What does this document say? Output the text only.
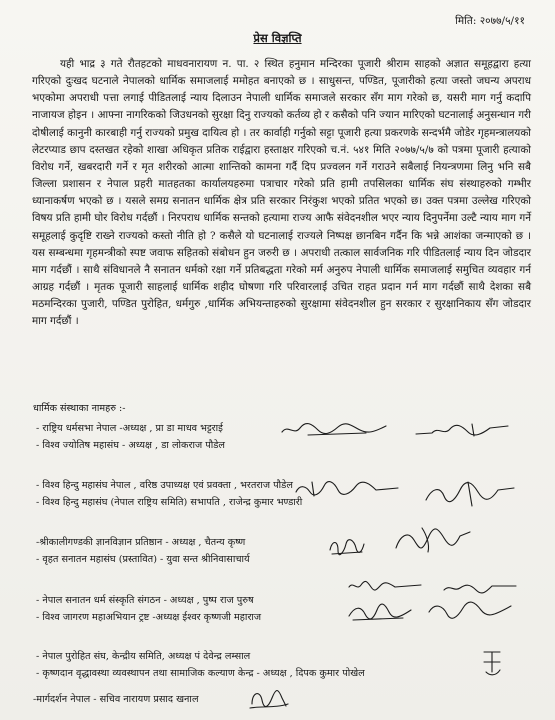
मिति: २०७७/५/११
प्रेस विज्ञप्ति

यही भाद्र ३ गते रौतहटको माधवनारायण न. पा. २ स्थित हनुमान मन्दिरका पूजारी श्रीराम साहको अज्ञात समूहद्वारा हत्या गरिएको दुःखद घटनाले नेपालको धार्मिक समाजलाई ममोहत बनाएको छ । साधुसन्त, पण्डित, पूजारीको हत्या जस्तो जघन्य अपराध भएकोमा अपराधी पत्ता लगाई पीडितलाई न्याय दिलाउन नेपाली धार्मिक समाजले सरकार सँग माग गरेको छ, यसरी माग गर्नु कदापि नाजायज होइन । आफ्ना नागरिकको जिउधनको सुरक्षा दिनु राज्यको कर्तव्य हो र कसैको पनि ज्यान मारिएको घटनालाई अनुसन्धान गरी दोषीलाई कानुनी कारबाही गर्नु राज्यको प्रमुख दायित्व हो । तर कार्वाही गर्नुको सट्टा पूजारी हत्या प्रकरणके सन्दर्भमै जोडेर गृहमन्त्रालयको लेटरप्याड छाप दस्तखत रहेको शाखा अधिकृत प्रतिक राईद्वारा हस्ताक्षर गरिएको च.नं. ५४१ मिति २०७७/५/७ को पत्रमा पूजारी हत्याको विरोध गर्ने, खबरदारी गर्ने र मृत शरीरको आत्मा शान्तिको कामना गर्दै दिप प्रज्वलन गर्ने गराउने सबैलाई नियन्त्रणमा लिनु भनि सबै जिल्ला प्रशासन र नेपाल प्रहरी मातहतका कार्यालयहरुमा पत्राचार गरेको प्रति हामी तपसिलका धार्मिक संघ संस्थाहरुको गम्भीर ध्यानाकर्षण भएको छ । यसले समग्र सनातन धार्मिक क्षेत्र प्रति सरकार निरंकुश भएको प्रतित भएको छ। उक्त पत्रमा उल्लेख गरिएको विषय प्रति हामी घोर विरोध गर्दछौं । निरपराध धार्मिक सन्तको हत्यामा राज्य आफै संवेदनशील भएर न्याय दिनुपर्नेमा उल्टै न्याय माग गर्ने समूहलाई कुदृष्टि राख्ने राज्यको कस्तो नीति हो ? कसैले यो घटनालाई राज्यले निष्पक्ष छानबिन गर्दैन कि भन्ने आशंका जन्माएको छ । यस सम्बन्धमा गृहमन्त्रीको स्पष्ट जवाफ सहितको संबोधन हुन जरुरी छ । अपराधी तत्काल सार्वजनिक गरि पीडितलाई न्याय दिन जोडदार माग गर्दछौं । साथै संविधानले नै सनातन धर्मको रक्षा गर्ने प्रतिबद्धता गरेको मर्म अनुरुप नेपाली धार्मिक समाजलाई समुचित व्यवहार गर्न आग्रह गर्दछौं । मृतक पूजारी साहलाई धार्मिक शहीद घोषणा गरि परिवारलाई उचित राहत प्रदान गर्न माग गर्दछौं साथै देशका सबै मठमन्दिरका पुजारी, पण्डित पुरोहित, धर्मगुरु ,धार्मिक अभियन्ताहरुको सुरक्षामा संवेदनशील हुन सरकार र सुरक्षानिकाय सँग जोडदार माग गर्दछौं ।

धार्मिक संस्थाका नामहरु :-
- राष्ट्रिय धर्मसभा नेपाल -अध्यक्ष , प्रा डा माधव भट्टराई
- विश्व ज्योतिष महासंघ - अध्यक्ष , डा लोकराज पौडेल
- विश्व हिन्दु महासंघ नेपाल , वरिष्ठ उपाध्यक्ष एवं प्रवक्ता , भरतराज पौडेल
- विश्व हिन्दु महासंघ (नेपाल राष्ट्रिय समिति) सभापति , राजेन्द्र कुमार भण्डारी
-श्रीकालीगण्डकी ज्ञानविज्ञान प्रतिष्ठान - अध्यक्ष , चैतन्य कृष्ण
- वृहत सनातन महासंघ (प्रस्तावित) - युवा सन्त श्रीनिवासाचार्य
- नेपाल सनातन धर्म संस्कृति संगठन - अध्यक्ष , पुष्प राज पुरुष
- विश्व जागरण महाअभियान ट्रष्ट -अध्यक्ष ईश्वर कृष्णजी महाराज
- नेपाल पुरोहित संघ, केन्द्रीय समिति, अध्यक्ष पं देवेन्द्र लम्साल
- कृष्णदान वृद्धावस्था व्यवस्थापन तथा सामाजिक कल्याण केन्द्र - अध्यक्ष , दिपक कुमार पोखेल
-मार्गदर्शन नेपाल - सचिव नारायण प्रसाद खनाल
